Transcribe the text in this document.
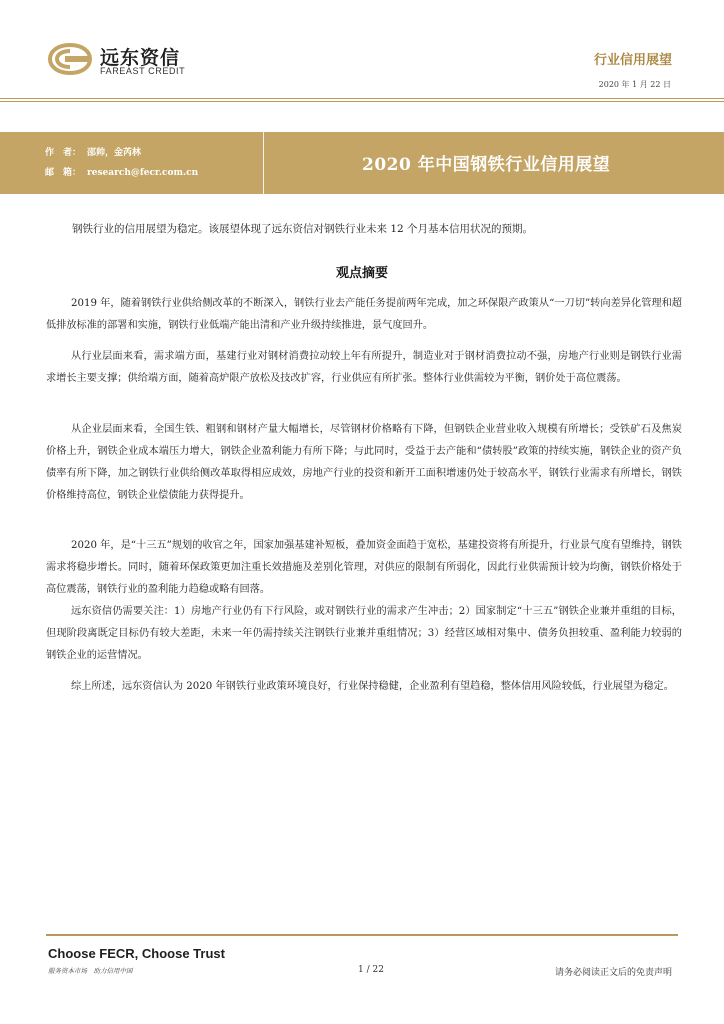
远东资信
FAREAST CREDIT
行业信用展望
2020 年 1 月 22 日
作　者： 邵帅，金芮林
邮　箱： research@fecr.com.cn	2020 年中国钢铁行业信用展望
钢铁行业的信用展望为稳定。该展望体现了远东资信对钢铁行业未来 12 个月基本信用状况的预期。
观点摘要

2019 年，随着钢铁行业供给侧改革的不断深入，钢铁行业去产能任务提前两年完成，加之环保限产政策从“一刀切”转向差异化管理和超低排放标准的部署和实施，钢铁行业低端产能出清和产业升级持续推进，景气度回升。

从行业层面来看，需求端方面，基建行业对钢材消费拉动较上年有所提升，制造业对于钢材消费拉动不强，房地产行业则是钢铁行业需求增长主要支撑；供给端方面，随着高炉限产放松及技改扩容，行业供应有所扩张。整体行业供需较为平衡，钢价处于高位震荡。

从企业层面来看，全国生铁、粗钢和钢材产量大幅增长，尽管钢材价格略有下降，但钢铁企业营业收入规模有所增长；受铁矿石及焦炭价格上升，钢铁企业成本端压力增大，钢铁企业盈利能力有所下降；与此同时，受益于去产能和“债转股”政策的持续实施，钢铁企业的资产负债率有所下降，加之钢铁行业供给侧改革取得相应成效，房地产行业的投资和新开工面积增速仍处于较高水平，钢铁行业需求有所增长，钢铁价格维持高位，钢铁企业偿债能力获得提升。

2020 年，是“十三五”规划的收官之年，国家加强基建补短板，叠加资金面趋于宽松，基建投资将有所提升，行业景气度有望维持，钢铁需求将稳步增长。同时，随着环保政策更加注重长效措施及差别化管理，对供应的限制有所弱化，因此行业供需预计较为均衡，钢铁价格处于高位震荡，钢铁行业的盈利能力趋稳或略有回落。

远东资信仍需要关注：1）房地产行业仍有下行风险，或对钢铁行业的需求产生冲击；2）国家制定“十三五”钢铁企业兼并重组的目标，但现阶段离既定目标仍有较大差距，未来一年仍需持续关注钢铁行业兼并重组情况；3）经营区域相对集中、债务负担较重、盈利能力较弱的钢铁企业的运营情况。

综上所述，远东资信认为 2020 年钢铁行业政策环境良好，行业保持稳健，企业盈利有望趋稳，整体信用风险较低，行业展望为稳定。

Choose FECR, Choose Trust
服务资本市场　助力信用中国	1 / 22	请务必阅读正文后的免责声明
